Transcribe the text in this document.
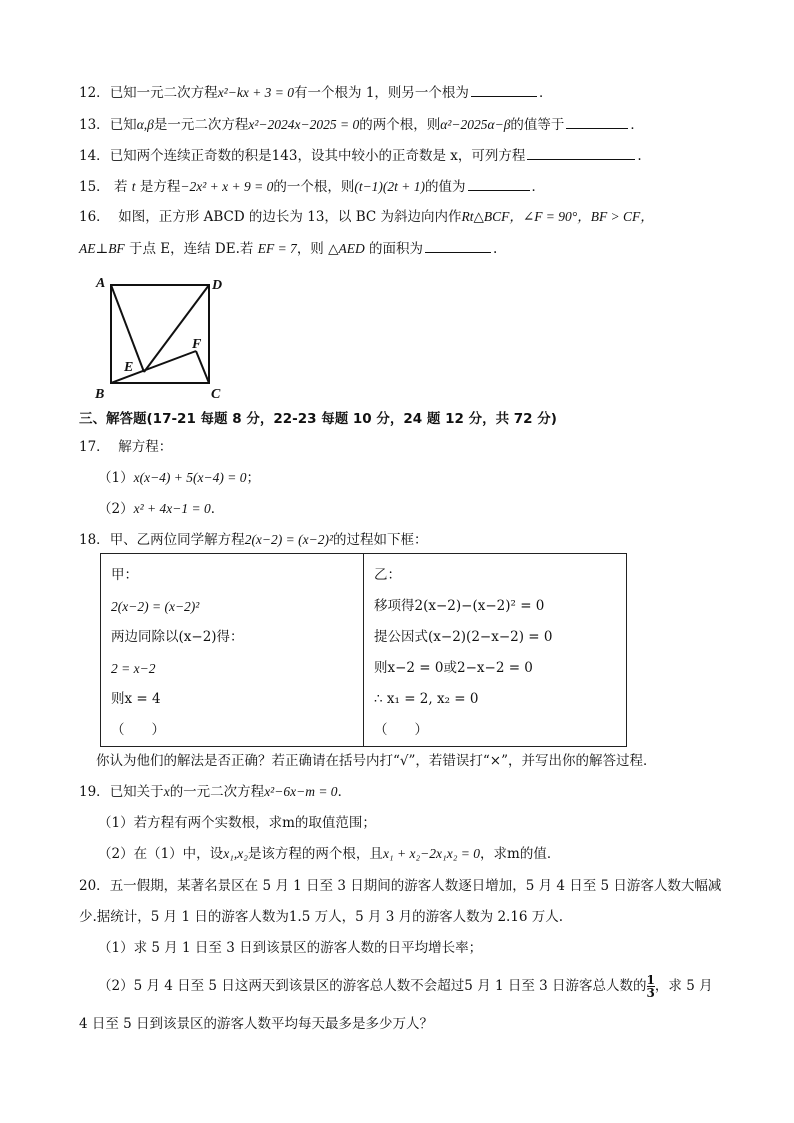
12．已知一元二次方程x²−kx + 3 = 0有一个根为 1，则另一个根为	．
13．已知α,β是一元二次方程x²−2024x−2025 = 0的两个根，则α²−2025α−β的值等于	．
14．已知两个连续正奇数的积是143，设其中较小的正奇数是 x，可列方程	.
15． 若 t 是方程−2x² + x + 9 = 0的一个根，则(t−1)(2t + 1)的值为	．
16． 如图，正方形 ABCD 的边长为 13，以 BC 为斜边向内作Rt△BCF，∠F = 90°，BF > CF，
AE⊥BF 于点 E，连结 DE.若 EF = 7，则 △AED 的面积为	.
A	D
B	C
E
F
三、解答题(17-21 每题 8 分，22-23 每题 10 分，24 题 12 分，共 72 分)
17． 解方程：
（1）x(x−4) + 5(x−4) = 0；
（2）x² + 4x−1 = 0．
18．甲、乙两位同学解方程2(x−2) = (x−2)²的过程如下框：
甲：
2(x−2) = (x−2)²
两边同除以(x−2)得：
2 = x−2
则x = 4
（　　）

乙：
移项得2(x−2)−(x−2)² = 0
提公因式(x−2)(2−x−2) = 0
则x−2 = 0或2−x−2 = 0
∴ x₁ = 2, x₂ = 0
（　　）
你认为他们的解法是否正确？若正确请在括号内打“√”，若错误打“×”，并写出你的解答过程．
19．已知关于x的一元二次方程x²−6x−m = 0．
（1）若方程有两个实数根，求m的取值范围；
（2）在（1）中，设x₁,x₂是该方程的两个根，且x₁ + x₂−2x₁x₂ = 0，求m的值．
20．五一假期，某著名景区在 5 月 1 日至 3 日期间的游客人数逐日增加，5 月 4 日至 5 日游客人数大幅减
少.据统计，5 月 1 日的游客人数为1.5 万人，5 月 3 月的游客人数为 2.16 万人.
（1）求 5 月 1 日至 3 日到该景区的游客人数的日平均增长率；
（2）5 月 4 日至 5 日这两天到该景区的游客总人数不会超过5 月 1 日至 3 日游客总人数的 $\frac{1}{3}$ ，求 5 月
4 日至 5 日到该景区的游客人数平均每天最多是多少万人？
